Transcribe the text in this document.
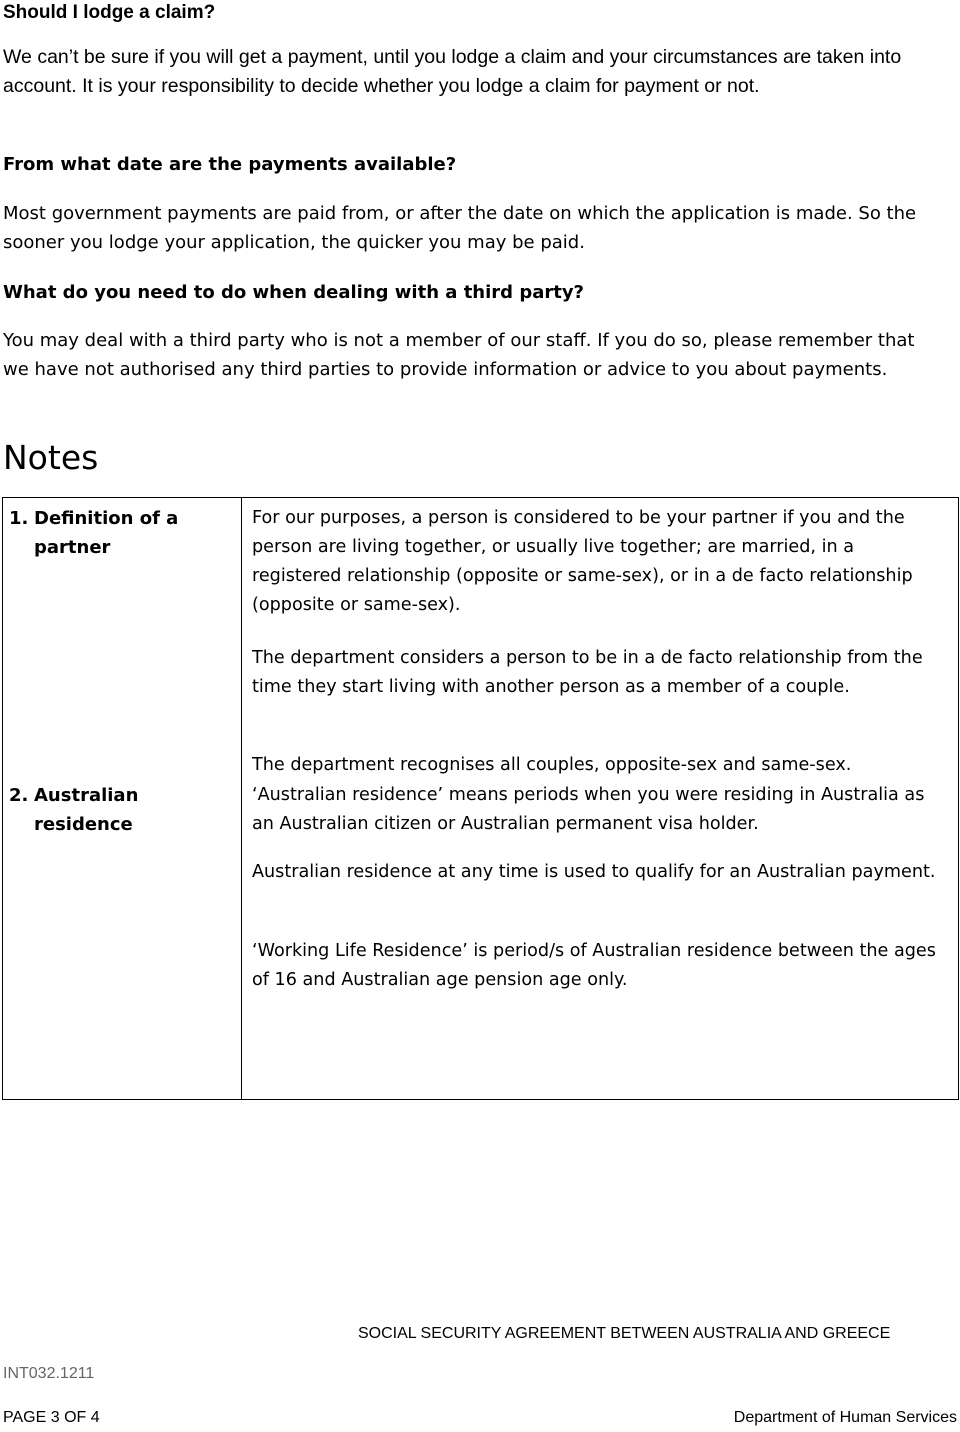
Should I lodge a claim?

We can’t be sure if you will get a payment, until you lodge a claim and your circumstances are taken into account. It is your responsibility to decide whether you lodge a claim for payment or not.

From what date are the payments available?

Most government payments are paid from, or after the date on which the application is made. So the sooner you lodge your application, the quicker you may be paid.

What do you need to do when dealing with a third party?

You may deal with a third party who is not a member of our staff. If you do so, please remember that we have not authorised any third parties to provide information or advice to you about payments.

Notes
1. Definition of a partner

For our purposes, a person is considered to be your partner if you and the person are living together, or usually live together; are married, in a registered relationship (opposite or same-sex), or in a de facto relationship (opposite or same-sex).

The department considers a person to be in a de facto relationship from the time they start living with another person as a member of a couple.

The department recognises all couples, opposite-sex and same-sex.

2. Australian residence

‘Australian residence’ means periods when you were residing in Australia as an Australian citizen or Australian permanent visa holder.

Australian residence at any time is used to qualify for an Australian payment.

‘Working Life Residence’ is period/s of Australian residence between the ages of 16 and Australian age pension age only.

SOCIAL SECURITY AGREEMENT BETWEEN AUSTRALIA AND GREECE
INT032.1211
PAGE 3 OF 4	Department of Human Services
